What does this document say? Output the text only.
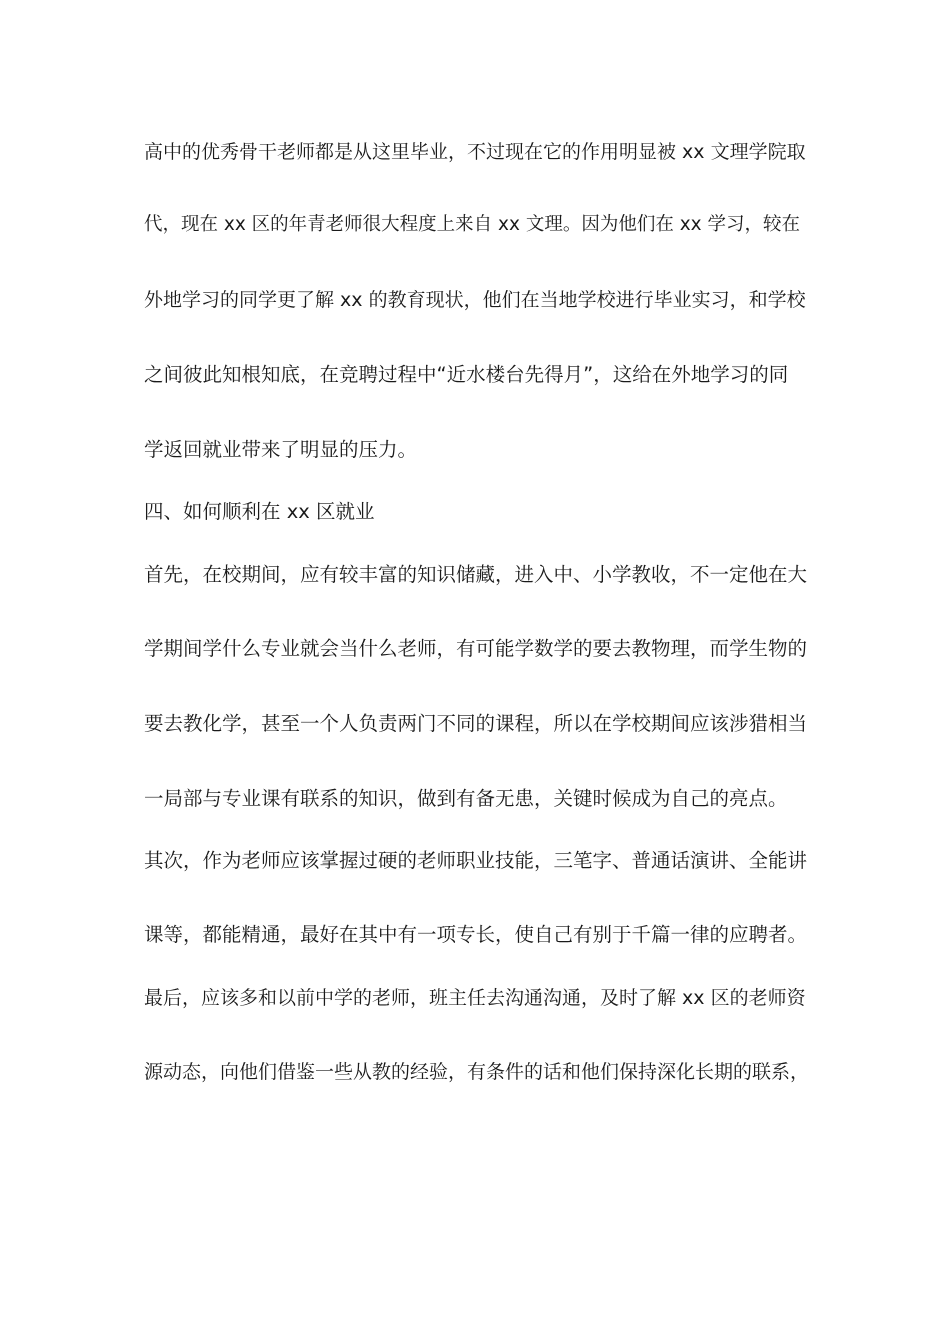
高中的优秀骨干老师都是从这里毕业，不过现在它的作用明显被 xx 文理学院取
代，现在 xx 区的年青老师很大程度上来自 xx 文理。因为他们在 xx 学习，较在
外地学习的同学更了解 xx 的教育现状，他们在当地学校进行毕业实习，和学校
之间彼此知根知底，在竞聘过程中“近水楼台先得月”，这给在外地学习的同
学返回就业带来了明显的压力。
四、如何顺利在 xx 区就业
首先，在校期间，应有较丰富的知识储藏，进入中、小学教收，不一定他在大
学期间学什么专业就会当什么老师，有可能学数学的要去教物理，而学生物的
要去教化学，甚至一个人负责两门不同的课程，所以在学校期间应该涉猎相当
一局部与专业课有联系的知识，做到有备无患，关键时候成为自己的亮点。
其次，作为老师应该掌握过硬的老师职业技能，三笔字、普通话演讲、全能讲
课等，都能精通，最好在其中有一项专长，使自己有别于千篇一律的应聘者。
最后，应该多和以前中学的老师，班主任去沟通沟通，及时了解 xx 区的老师资
源动态，向他们借鉴一些从教的经验，有条件的话和他们保持深化长期的联系，
